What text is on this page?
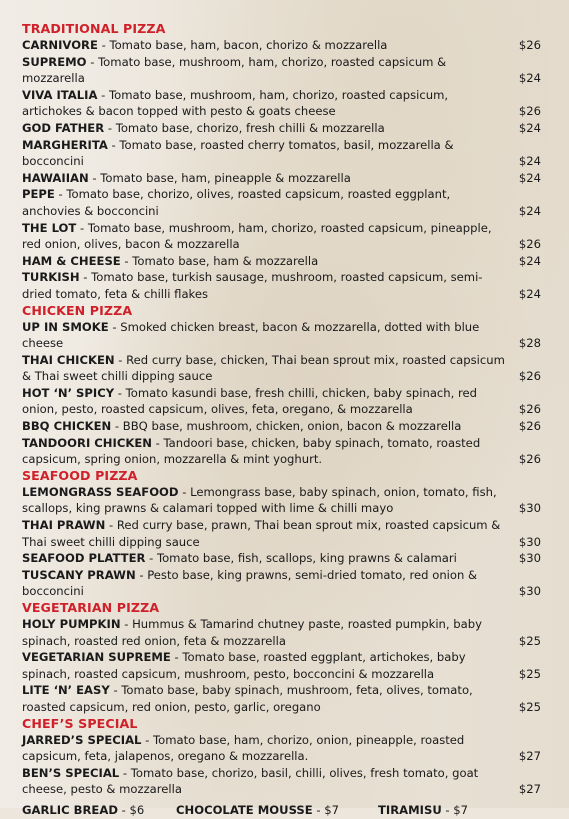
TRADITIONAL PIZZA
CARNIVORE - Tomato base, ham, bacon, chorizo & mozzarella	$26
SUPREMO - Tomato base, mushroom, ham, chorizo, roasted capsicum & mozzarella	$24
VIVA ITALIA - Tomato base, mushroom, ham, chorizo, roasted capsicum, artichokes & bacon topped with pesto & goats cheese	$26
GOD FATHER - Tomato base, chorizo, fresh chilli & mozzarella	$24
MARGHERITA - Tomato base, roasted cherry tomatos, basil, mozzarella & bocconcini	$24
HAWAIIAN - Tomato base, ham, pineapple & mozzarella	$24
PEPE - Tomato base, chorizo, olives, roasted capsicum, roasted eggplant, anchovies & bocconcini	$24
THE LOT - Tomato base, mushroom, ham, chorizo, roasted capsicum, pineapple, red onion, olives, bacon & mozzarella	$26
HAM & CHEESE - Tomato base, ham & mozzarella	$24
TURKISH - Tomato base, turkish sausage, mushroom, roasted capsicum, semi-dried tomato, feta & chilli flakes	$24
CHICKEN PIZZA
UP IN SMOKE - Smoked chicken breast, bacon & mozzarella, dotted with blue cheese	$28
THAI CHICKEN - Red curry base, chicken, Thai bean sprout mix, roasted capsicum & Thai sweet chilli dipping sauce	$26
HOT ‘N’ SPICY - Tomato kasundi base, fresh chilli, chicken, baby spinach, red onion, pesto, roasted capsicum, olives, feta, oregano, & mozzarella	$26
BBQ CHICKEN - BBQ base, mushroom, chicken, onion, bacon & mozzarella	$26
TANDOORI CHICKEN - Tandoori base, chicken, baby spinach, tomato, roasted capsicum, spring onion, mozzarella & mint yoghurt.	$26
SEAFOOD PIZZA
LEMONGRASS SEAFOOD - Lemongrass base, baby spinach, onion, tomato, fish, scallops, king prawns & calamari topped with lime & chilli mayo	$30
THAI PRAWN - Red curry base, prawn, Thai bean sprout mix, roasted capsicum & Thai sweet chilli dipping sauce	$30
SEAFOOD PLATTER - Tomato base, fish, scallops, king prawns & calamari	$30
TUSCANY PRAWN - Pesto base, king prawns, semi-dried tomato, red onion & bocconcini	$30
VEGETARIAN PIZZA
HOLY PUMPKIN - Hummus & Tamarind chutney paste, roasted pumpkin, baby spinach, roasted red onion, feta & mozzarella	$25
VEGETARIAN SUPREME - Tomato base, roasted eggplant, artichokes, baby spinach, roasted capsicum, mushroom, pesto, bocconcini & mozzarella	$25
LITE ‘N’ EASY - Tomato base, baby spinach, mushroom, feta, olives, tomato, roasted capsicum, red onion, pesto, garlic, oregano	$25
CHEF’S SPECIAL
JARRED’S SPECIAL - Tomato base, ham, chorizo, onion, pineapple, roasted capsicum, feta, jalapenos, oregano & mozzarella.	$27
BEN’S SPECIAL - Tomato base, chorizo, basil, chilli, olives, fresh tomato, goat cheese, pesto & mozzarella	$27
GARLIC BREAD - $6	CHOCOLATE MOUSSE - $7	TIRAMISU - $7
